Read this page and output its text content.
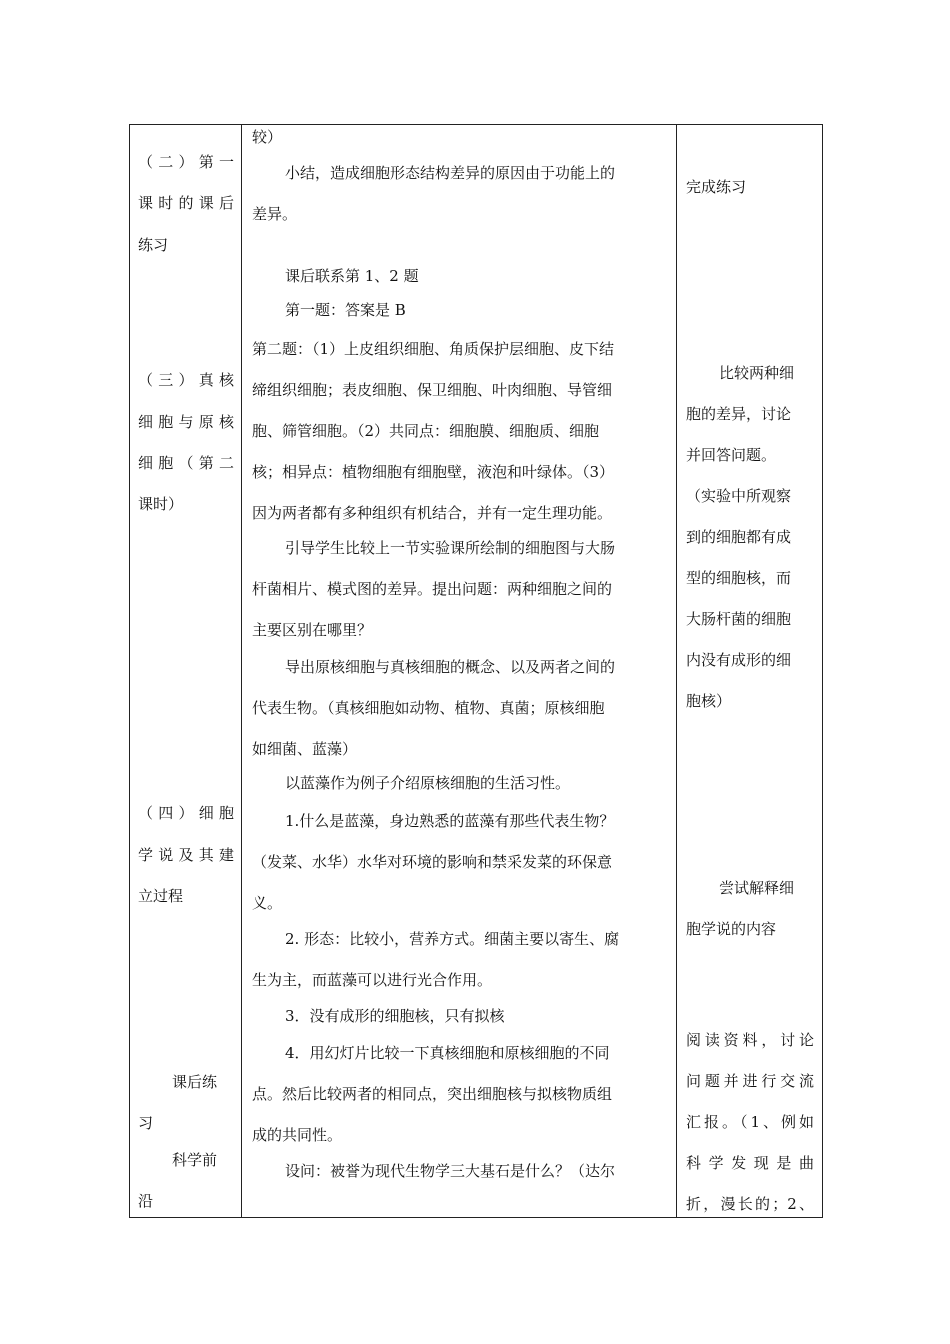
（二）第一
课时的课后
练习
（三）真核
细胞与原核
细胞（第二
课时）
（四）细胞
学说及其建
立过程
课后练
习
科学前
沿
较）
小结，造成细胞形态结构差异的原因由于功能上的
差异。
课后联系第 1、2 题
第一题：答案是 B
第二题：（1）上皮组织细胞、角质保护层细胞、皮下结
缔组织细胞；表皮细胞、保卫细胞、叶肉细胞、导管细
胞、筛管细胞。（2）共同点：细胞膜、细胞质、细胞
核；相异点：植物细胞有细胞壁，液泡和叶绿体。（3）
因为两者都有多种组织有机结合，并有一定生理功能。
引导学生比较上一节实验课所绘制的细胞图与大肠
杆菌相片、模式图的差异。提出问题：两种细胞之间的
主要区别在哪里？
导出原核细胞与真核细胞的概念、以及两者之间的
代表生物。（真核细胞如动物、植物、真菌；原核细胞
如细菌、蓝藻）
以蓝藻作为例子介绍原核细胞的生活习性。
1.什么是蓝藻，身边熟悉的蓝藻有那些代表生物？
（发菜、水华）水华对环境的影响和禁采发菜的环保意
义。
2. 形态：比较小，营养方式。细菌主要以寄生、腐
生为主，而蓝藻可以进行光合作用。
3．没有成形的细胞核，只有拟核
4．用幻灯片比较一下真核细胞和原核细胞的不同
点。然后比较两者的相同点，突出细胞核与拟核物质组
成的共同性。
设问：被誉为现代生物学三大基石是什么？（达尔
完成练习
比较两种细
胞的差异，讨论
并回答问题。
（实验中所观察
到的细胞都有成
型的细胞核，而
大肠杆菌的细胞
内没有成形的细
胞核）
尝试解释细
胞学说的内容
阅读资料，讨论
问题并进行交流
汇报。（1、例如
科学发现是曲
折，漫长的；2、
